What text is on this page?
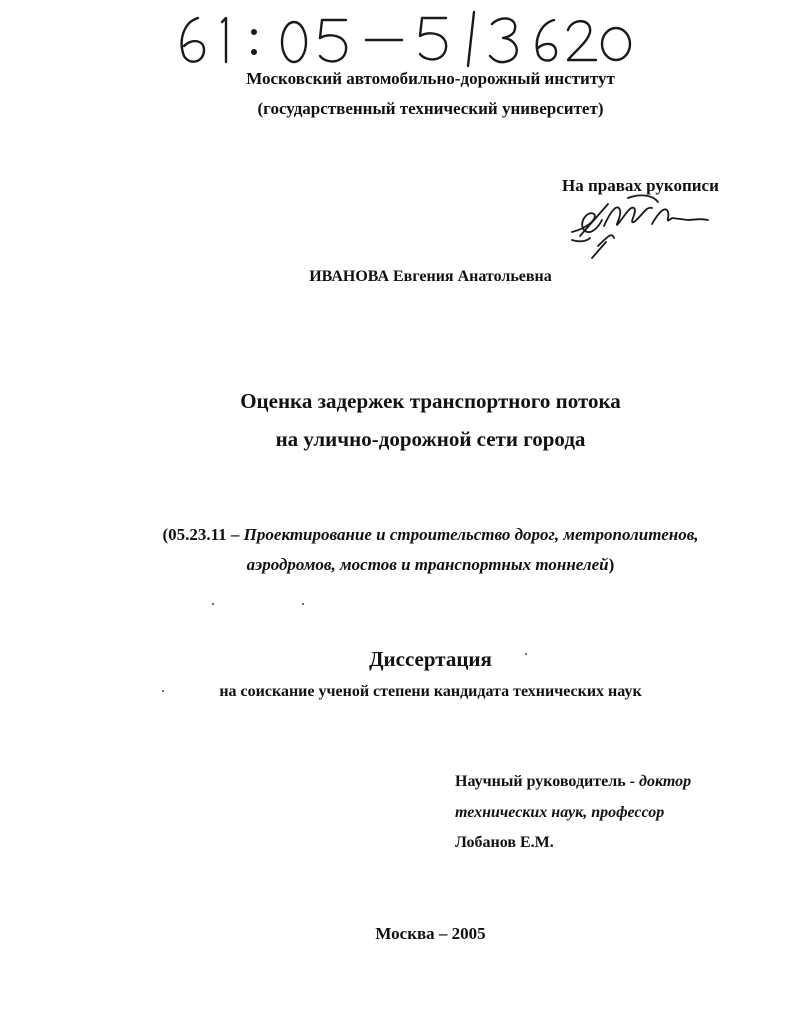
Московский автомобильно-дорожный институт
(государственный технический университет)
На правах рукописи
ИВАНОВА Евгения Анатольевна
Оценка задержек транспортного потока
на улично-дорожной сети города
(05.23.11 – Проектирование и строительство дорог, метрополитенов,
аэродромов, мостов и транспортных тоннелей)
Диссертация
на соискание ученой степени кандидата технических наук
Научный руководитель - доктор
технических наук, профессор
Лобанов Е.М.
Москва – 2005
